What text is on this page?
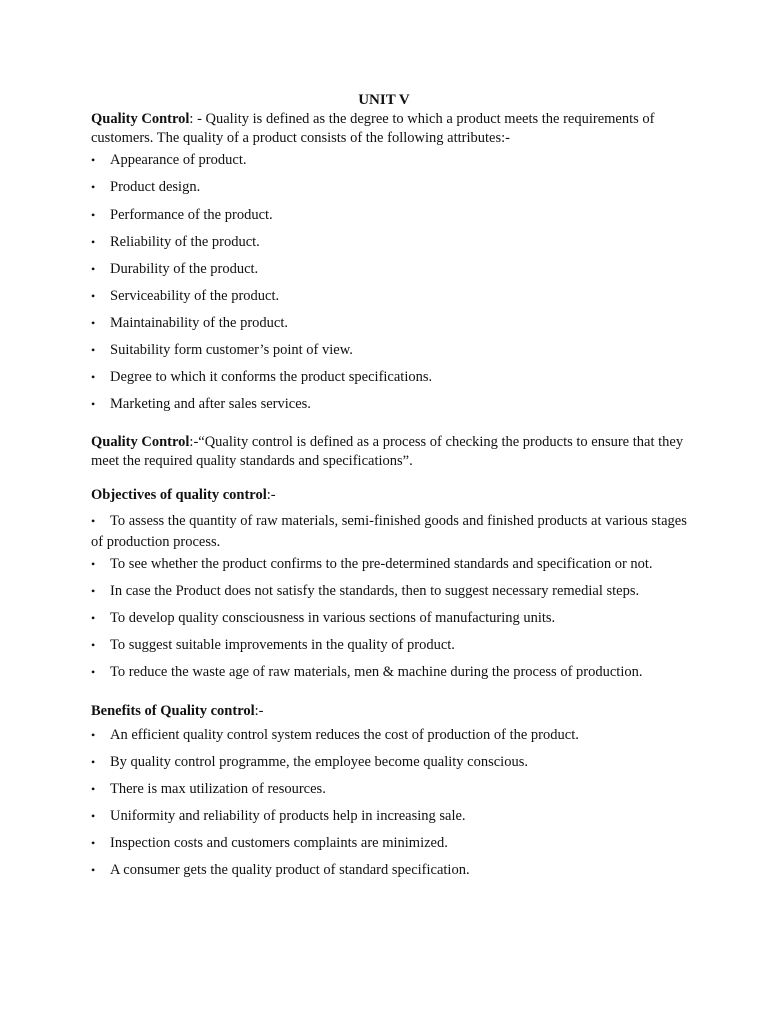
UNIT V
Quality Control: - Quality is defined as the degree to which a product meets the requirements of customers. The quality of a product consists of the following attributes:-
•	Appearance of product.
•	Product design.
•	Performance of the product.
•	Reliability of the product.
•	Durability of the product.
•	Serviceability of the product.
•	Maintainability of the product.
•	Suitability form customer’s point of view.
•	Degree to which it conforms the product specifications.
•	Marketing and after sales services.
Quality Control:-“Quality control is defined as a process of checking the products to ensure that they meet the required quality standards and specifications”.
Objectives of quality control:-
•	To assess the quantity of raw materials, semi-finished goods and finished products at various stages of production process.
•	To see whether the product confirms to the pre-determined standards and specification or not.
•	In case the Product does not satisfy the standards, then to suggest necessary remedial steps.
•	To develop quality consciousness in various sections of manufacturing units.
•	To suggest suitable improvements in the quality of product.
•	To reduce the waste age of raw materials, men & machine during the process of production.
Benefits of Quality control:-
•	An efficient quality control system reduces the cost of production of the product.
•	By quality control programme, the employee become quality conscious.
•	There is max utilization of resources.
•	Uniformity and reliability of products help in increasing sale.
•	Inspection costs and customers complaints are minimized.
•	A consumer gets the quality product of standard specification.
